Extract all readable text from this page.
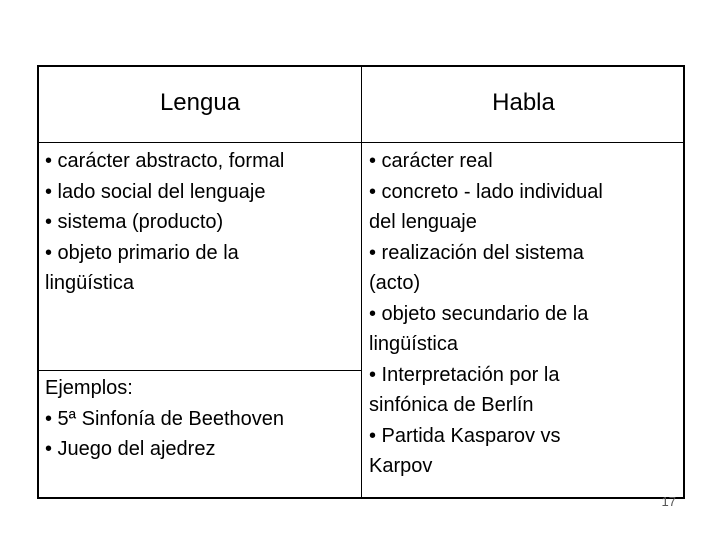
Lengua	Habla
• carácter abstracto, formal
• lado social del lenguaje
• sistema (producto)
• objeto primario de la
lingüística
• carácter real
• concreto - lado individual
del lenguaje
• realización del sistema
(acto)
• objeto secundario de la
lingüística
• Interpretación por la
sinfónica de Berlín
• Partida Kasparov vs
Karpov
Ejemplos:
• 5ª Sinfonía de Beethoven
• Juego del ajedrez
17
